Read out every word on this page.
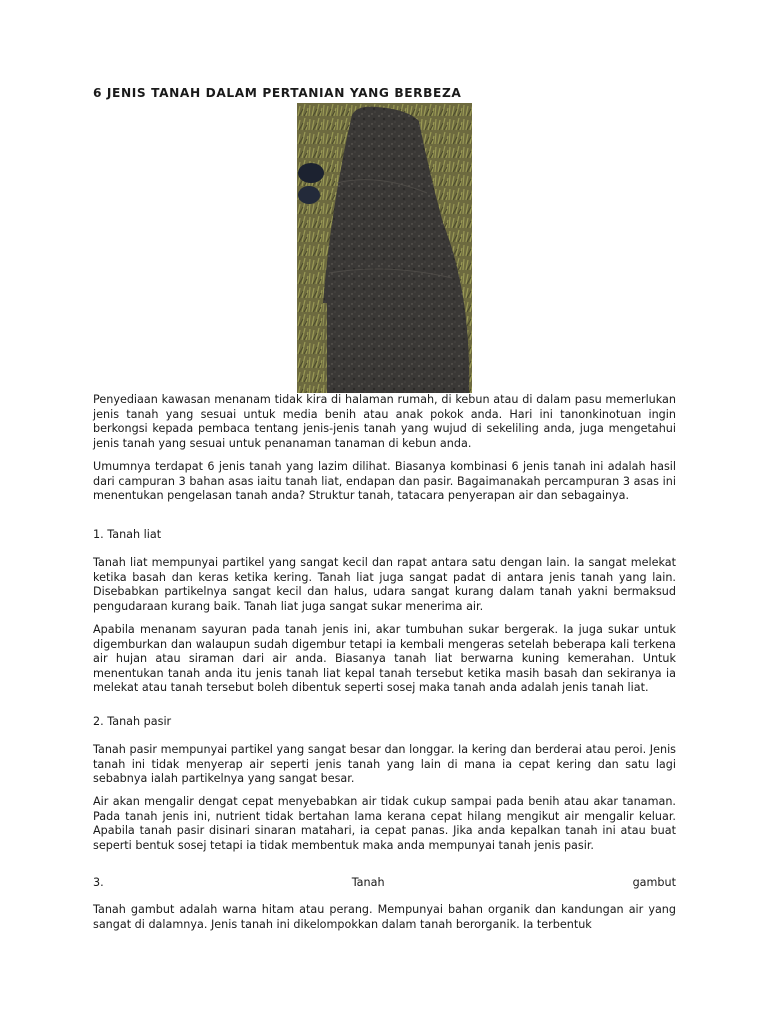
6 JENIS TANAH DALAM PERTANIAN YANG BERBEZA
Penyediaan kawasan menanam tidak kira di halaman rumah, di kebun atau di dalam pasu memerlukan jenis tanah yang sesuai untuk media benih atau anak pokok anda. Hari ini tanonkinotuan ingin berkongsi kepada pembaca tentang jenis-jenis tanah yang wujud di sekeliling anda, juga mengetahui jenis tanah yang sesuai untuk penanaman tanaman di kebun anda.
Umumnya terdapat 6 jenis tanah yang lazim dilihat. Biasanya kombinasi 6 jenis tanah ini adalah hasil dari campuran 3 bahan asas iaitu tanah liat, endapan dan pasir. Bagaimanakah percampuran 3 asas ini menentukan pengelasan tanah anda? Struktur tanah, tatacara penyerapan air dan sebagainya.
1. Tanah liat
Tanah liat mempunyai partikel yang sangat kecil dan rapat antara satu dengan lain. Ia sangat melekat ketika basah dan keras ketika kering. Tanah liat juga sangat padat di antara jenis tanah yang lain. Disebabkan partikelnya sangat kecil dan halus, udara sangat kurang dalam tanah yakni bermaksud pengudaraan kurang baik. Tanah liat juga sangat sukar menerima air.
Apabila menanam sayuran pada tanah jenis ini, akar tumbuhan sukar bergerak. Ia juga sukar untuk digemburkan dan walaupun sudah digembur tetapi ia kembali mengeras setelah beberapa kali terkena air hujan atau siraman dari air anda. Biasanya tanah liat berwarna kuning kemerahan. Untuk menentukan tanah anda itu jenis tanah liat kepal tanah tersebut ketika masih basah dan sekiranya ia melekat atau tanah tersebut boleh dibentuk seperti sosej maka tanah anda adalah jenis tanah liat.
2. Tanah pasir
Tanah pasir mempunyai partikel yang sangat besar dan longgar. Ia kering dan berderai atau peroi. Jenis tanah ini tidak menyerap air seperti jenis tanah yang lain di mana ia cepat kering dan satu lagi sebabnya ialah partikelnya yang sangat besar.
Air akan mengalir dengat cepat menyebabkan air tidak cukup sampai pada benih atau akar tanaman. Pada tanah jenis ini, nutrient tidak bertahan lama kerana cepat hilang mengikut air mengalir keluar. Apabila tanah pasir disinari sinaran matahari, ia cepat panas. Jika anda kepalkan tanah ini atau buat seperti bentuk sosej tetapi ia tidak membentuk maka anda mempunyai tanah jenis pasir.
3.	Tanah	gambut
Tanah gambut adalah warna hitam atau perang. Mempunyai bahan organik dan kandungan air yang sangat di dalamnya. Jenis tanah ini dikelompokkan dalam tanah berorganik. Ia terbentuk
